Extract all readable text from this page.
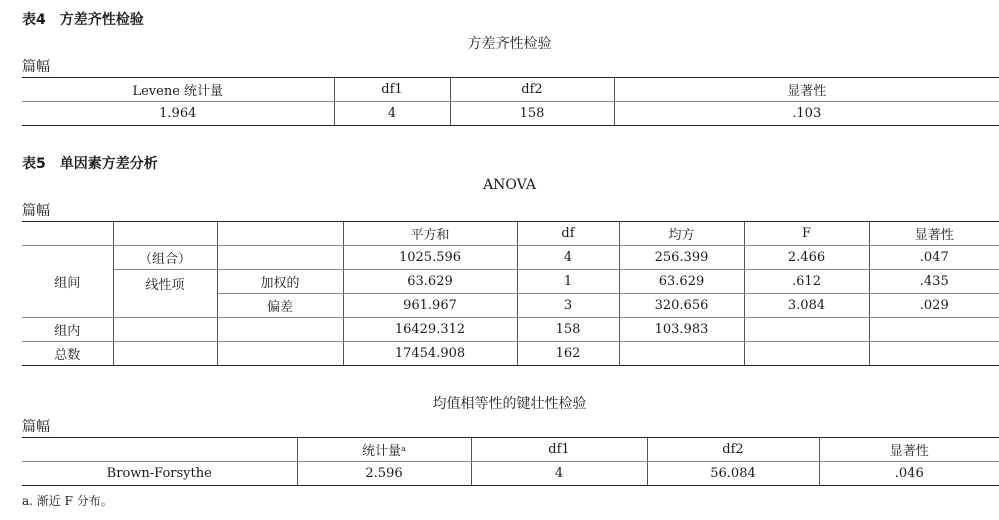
表4　方差齐性检验
方差齐性检验
篇幅
Levene 统计量	df1	df2	显著性
1.964	4	158	.103
表5　单因素方差分析
ANOVA
篇幅
			平方和	df	均方	F	显著性
组间	（组合）		1025.596	4	256.399	2.466	.047
	线性项	加权的	63.629	1	63.629	.612	.435
		偏差	961.967	3	320.656	3.084	.029
组内			16429.312	158	103.983		
总数			17454.908	162			
均值相等性的键壮性检验
篇幅
	统计量ᵃ	df1	df2	显著性
Brown-Forsythe	2.596	4	56.084	.046
a. 渐近 F 分布。
